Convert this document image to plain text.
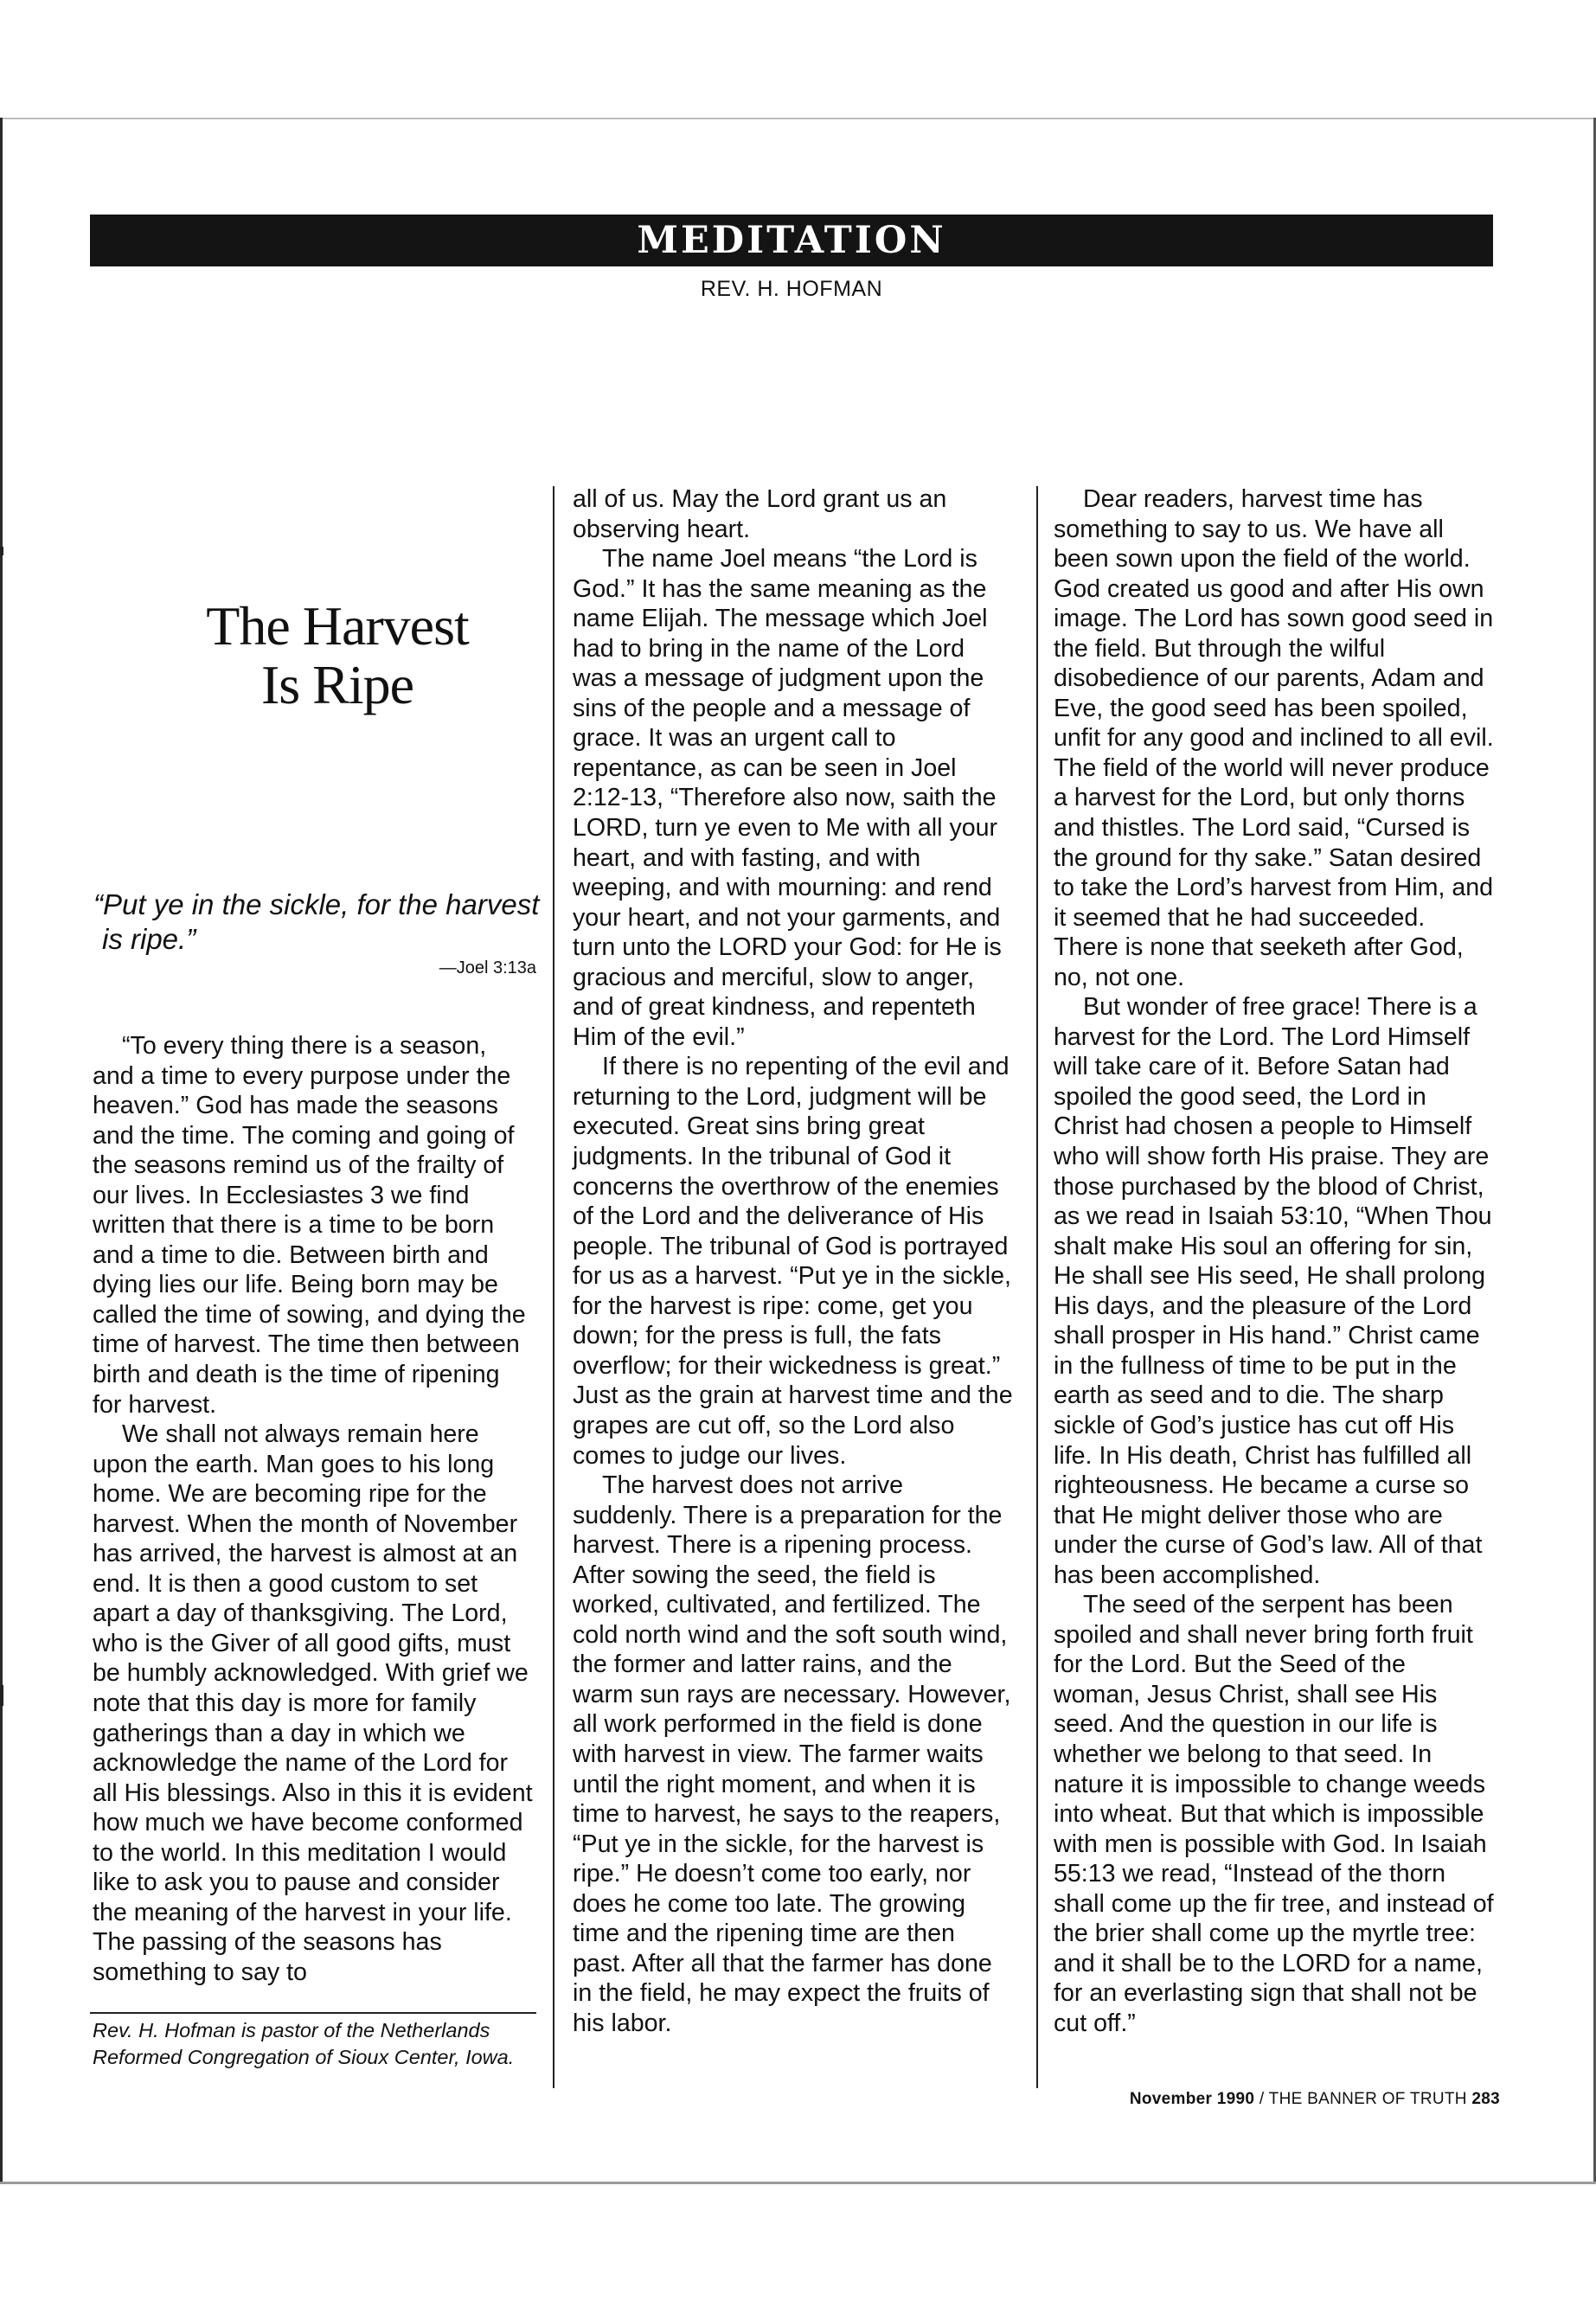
MEDITATION
REV. H. HOFMAN
The Harvest
Is Ripe
“Put ye in the sickle, for the harvest is ripe.”
—Joel 3:13a

“To every thing there is a season, and a time to every purpose under the heaven.” God has made the seasons and the time. The coming and going of the seasons remind us of the frailty of our lives. In Ecclesiastes 3 we find written that there is a time to be born and a time to die. Between birth and dying lies our life. Being born may be called the time of sowing, and dying the time of harvest. The time then between birth and death is the time of ripening for harvest.

We shall not always remain here upon the earth. Man goes to his long home. We are becoming ripe for the harvest. When the month of November has arrived, the harvest is almost at an end. It is then a good custom to set apart a day of thanksgiving. The Lord, who is the Giver of all good gifts, must be humbly acknowledged. With grief we note that this day is more for family gatherings than a day in which we acknowledge the name of the Lord for all His blessings. Also in this it is evident how much we have become conformed to the world. In this meditation I would like to ask you to pause and consider the meaning of the harvest in your life. The passing of the seasons has something to say to

all of us. May the Lord grant us an observing heart.

The name Joel means “the Lord is God.” It has the same meaning as the name Elijah. The message which Joel had to bring in the name of the Lord was a message of judgment upon the sins of the people and a message of grace. It was an urgent call to repentance, as can be seen in Joel 2:12-13, “Therefore also now, saith the LORD, turn ye even to Me with all your heart, and with fasting, and with weeping, and with mourning: and rend your heart, and not your garments, and turn unto the LORD your God: for He is gracious and merciful, slow to anger, and of great kindness, and repenteth Him of the evil.”

If there is no repenting of the evil and returning to the Lord, judgment will be executed. Great sins bring great judgments. In the tribunal of God it concerns the overthrow of the enemies of the Lord and the deliverance of His people. The tribunal of God is portrayed for us as a harvest. “Put ye in the sickle, for the harvest is ripe: come, get you down; for the press is full, the fats overflow; for their wickedness is great.” Just as the grain at harvest time and the grapes are cut off, so the Lord also comes to judge our lives.

The harvest does not arrive suddenly. There is a preparation for the harvest. There is a ripening process. After sowing the seed, the field is worked, cultivated, and fertilized. The cold north wind and the soft south wind, the former and latter rains, and the warm sun rays are necessary. However, all work performed in the field is done with harvest in view. The farmer waits until the right moment, and when it is time to harvest, he says to the reapers, “Put ye in the sickle, for the harvest is ripe.” He doesn’t come too early, nor does he come too late. The growing time and the ripening time are then past. After all that the farmer has done in the field, he may expect the fruits of his labor.

Dear readers, harvest time has something to say to us. We have all been sown upon the field of the world. God created us good and after His own image. The Lord has sown good seed in the field. But through the wilful disobedience of our parents, Adam and Eve, the good seed has been spoiled, unfit for any good and inclined to all evil. The field of the world will never produce a harvest for the Lord, but only thorns and thistles. The Lord said, “Cursed is the ground for thy sake.” Satan desired to take the Lord’s harvest from Him, and it seemed that he had succeeded. There is none that seeketh after God, no, not one.

But wonder of free grace! There is a harvest for the Lord. The Lord Himself will take care of it. Before Satan had spoiled the good seed, the Lord in Christ had chosen a people to Himself who will show forth His praise. They are those purchased by the blood of Christ, as we read in Isaiah 53:10, “When Thou shalt make His soul an offering for sin, He shall see His seed, He shall prolong His days, and the pleasure of the Lord shall prosper in His hand.” Christ came in the fullness of time to be put in the earth as seed and to die. The sharp sickle of God’s justice has cut off His life. In His death, Christ has fulfilled all righteousness. He became a curse so that He might deliver those who are under the curse of God’s law. All of that has been accomplished.

The seed of the serpent has been spoiled and shall never bring forth fruit for the Lord. But the Seed of the woman, Jesus Christ, shall see His seed. And the question in our life is whether we belong to that seed. In nature it is impossible to change weeds into wheat. But that which is impossible with men is possible with God. In Isaiah 55:13 we read, “Instead of the thorn shall come up the fir tree, and instead of the brier shall come up the myrtle tree: and it shall be to the LORD for a name, for an everlasting sign that shall not be cut off.”

Rev. H. Hofman is pastor of the Netherlands Reformed Congregation of Sioux Center, Iowa.
November 1990 / THE BANNER OF TRUTH 283
